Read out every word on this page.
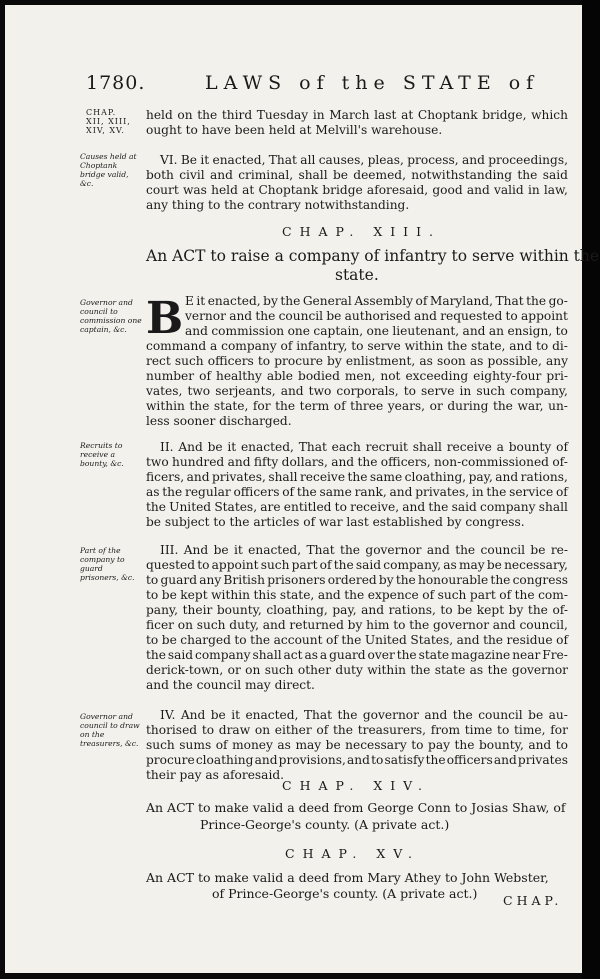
1780.	LAWS of the STATE of
CHAP. XII, XIII, XIV, XV.
Causes held at Choptank bridge valid, &c.
Governor and council to commission one captain, &c.
Recruits to receive a bounty, &c.
Part of the company to guard prisoners, &c.
Governor and council to draw on the treasurers, &c.
held on the third Tuesday in March last at Choptank bridge, which
ought to have been held at Melvill's warehouse.
VI. Be it enacted, That all causes, pleas, process, and proceedings,
both civil and criminal, shall be deemed, notwithstanding the said
court was held at Choptank bridge aforesaid, good and valid in law,
any thing to the contrary notwithstanding.
CHAP. XIII.
An ACT to raise a company of infantry to serve within the
state.
B E it enacted, by the General Assembly of Maryland, That the go-
vernor and the council be authorised and requested to appoint
and commission one captain, one lieutenant, and an ensign, to
command a company of infantry, to serve within the state, and to di-
rect such officers to procure by enlistment, as soon as possible, any
number of healthy able bodied men, not exceeding eighty-four pri-
vates, two serjeants, and two corporals, to serve in such company,
within the state, for the term of three years, or during the war, un-
less sooner discharged.
II. And be it enacted, That each recruit shall receive a bounty of
two hundred and fifty dollars, and the officers, non-commissioned of-
ficers, and privates, shall receive the same cloathing, pay, and rations,
as the regular officers of the same rank, and privates, in the service of
the United States, are entitled to receive, and the said company shall
be subject to the articles of war last established by congress.
III. And be it enacted, That the governor and the council be re-
quested to appoint such part of the said company, as may be necessary,
to guard any British prisoners ordered by the honourable the congress
to be kept within this state, and the expence of such part of the com-
pany, their bounty, cloathing, pay, and rations, to be kept by the of-
ficer on such duty, and returned by him to the governor and council,
to be charged to the account of the United States, and the residue of
the said company shall act as a guard over the state magazine near Fre-
derick-town, or on such other duty within the state as the governor
and the council may direct.
IV. And be it enacted, That the governor and the council be au-
thorised to draw on either of the treasurers, from time to time, for
such sums of money as may be necessary to pay the bounty, and to
procure cloathing and provisions, and to satisfy the officers and privates
their pay as aforesaid.
CHAP. XIV.
An ACT to make valid a deed from George Conn to Josias Shaw, of
Prince-George's county. (A private act.)
CHAP. XV.
An ACT to make valid a deed from Mary Athey to John Webster,
of Prince-George's county. (A private act.) CHAP.
